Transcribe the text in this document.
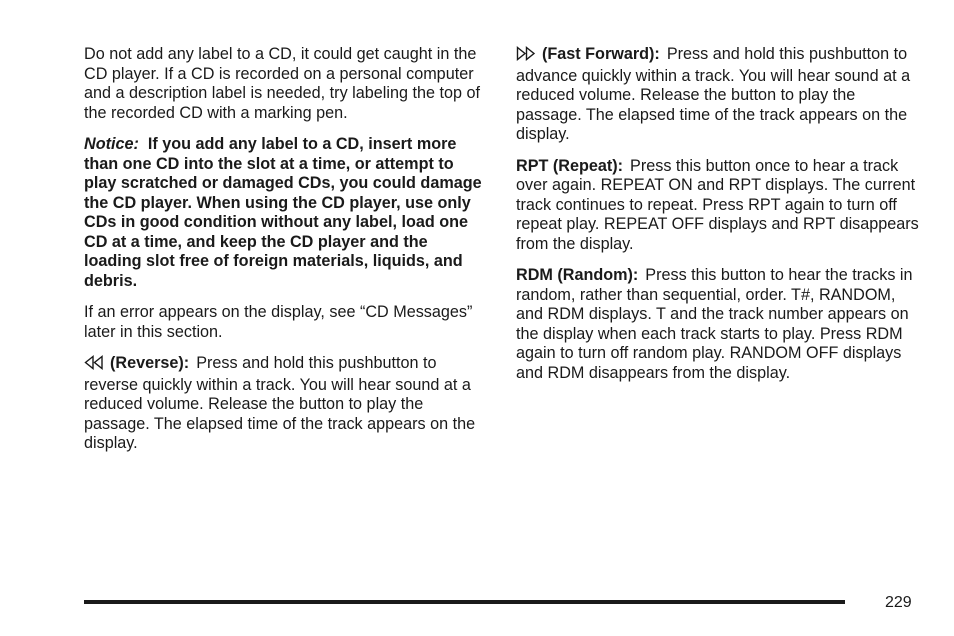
Do not add any label to a CD, it could get caught in the CD player. If a CD is recorded on a personal computer and a description label is needed, try labeling the top of the recorded CD with a marking pen.

Notice: If you add any label to a CD, insert more than one CD into the slot at a time, or attempt to play scratched or damaged CDs, you could damage the CD player. When using the CD player, use only CDs in good condition without any label, load one CD at a time, and keep the CD player and the loading slot free of foreign materials, liquids, and debris.

If an error appears on the display, see “CD Messages” later in this section.

(Reverse): Press and hold this pushbutton to reverse quickly within a track. You will hear sound at a reduced volume. Release the button to play the passage. The elapsed time of the track appears on the display.

(Fast Forward): Press and hold this pushbutton to advance quickly within a track. You will hear sound at a reduced volume. Release the button to play the passage. The elapsed time of the track appears on the display.

RPT (Repeat): Press this button once to hear a track over again. REPEAT ON and RPT displays. The current track continues to repeat. Press RPT again to turn off repeat play. REPEAT OFF displays and RPT disappears from the display.

RDM (Random): Press this button to hear the tracks in random, rather than sequential, order. T#, RANDOM, and RDM displays. T and the track number appears on the display when each track starts to play. Press RDM again to turn off random play. RANDOM OFF displays and RDM disappears from the display.

229
